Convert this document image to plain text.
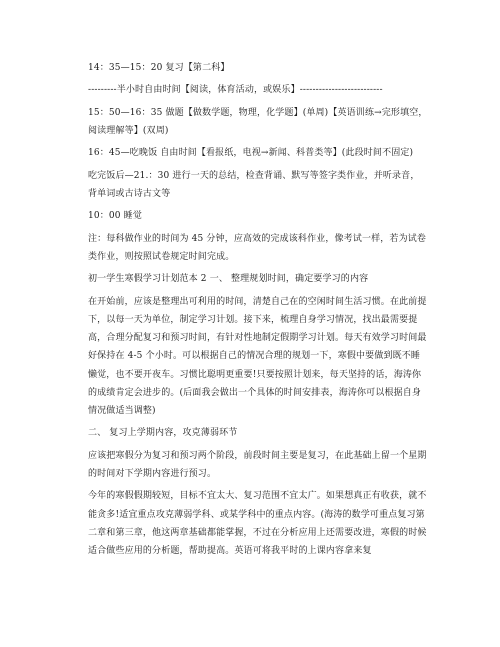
14：35—15：20 复习【第二科】

---------半小时自由时间【阅读，体育活动，或娱乐】--------------------------

15：50—16：35 做题【做数学题，物理，化学题】(单周)【英语训练→完形填空，阅读理解等】(双周)

16：45—吃晚饭 自由时间【看报纸，电视→新闻、科普类等】(此段时间不固定)

吃完饭后—21.：30 进行一天的总结，检查背诵、默写等签字类作业，并听录音，背单词或古诗古文等

10：00 睡觉

注：每科做作业的时间为 45 分钟，应高效的完成该科作业，像考试一样，若为试卷类作业，则按照试卷规定时间完成。

初一学生寒假学习计划范本 2 一、 整理规划时间，确定要学习的内容

在开始前，应该是整理出可利用的时间，清楚自己在的空闲时间生活习惯。在此前提下，以每一天为单位，制定学习计划。接下来，梳理自身学习情况，找出最需要提高，合理分配复习和预习时间，有针对性地制定假期学习计划。每天有效学习时间最好保持在 4-5 个小时。可以根据自己的情况合理的规划一下，寒假中要做到既不睡懒觉，也不要开夜车。习惯比聪明更重要!只要按照计划来，每天坚持的话，海涛你的成绩肯定会进步的。(后面我会做出一个具体的时间安排表，海涛你可以根据自身情况做适当调整)

二、 复习上学期内容，攻克薄弱环节

应该把寒假分为复习和预习两个阶段，前段时间主要是复习，在此基础上留一个星期的时间对下学期内容进行预习。

今年的寒假假期较短，目标不宜太大、复习范围不宜太广。如果想真正有收获，就不能贪多!适宜重点攻克薄弱学科、或某学科中的重点内容。(海涛的数学可重点复习第二章和第三章，他这两章基础都能掌握，不过在分析应用上还需要改进，寒假的时候适合做些应用的分析题，帮助提高。英语可将我平时的上课内容拿来复
